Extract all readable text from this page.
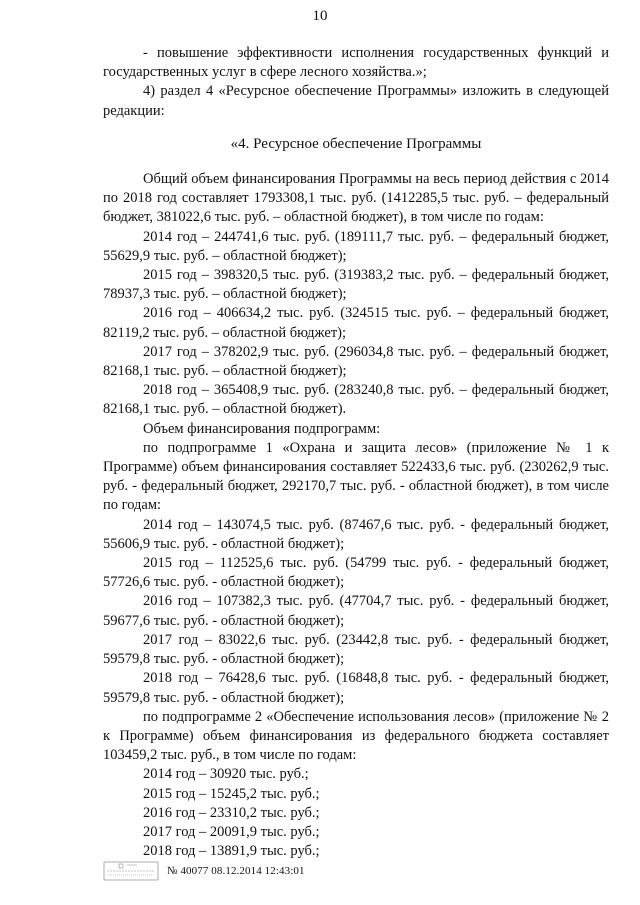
10

- повышение эффективности исполнения государственных функций и государственных услуг в сфере лесного хозяйства.»;

4) раздел 4 «Ресурсное обеспечение Программы» изложить в следующей редакции:

«4. Ресурсное обеспечение Программы

Общий объем финансирования Программы на весь период действия с 2014 по 2018 год составляет 1793308,1 тыс. руб. (1412285,5 тыс. руб. – федеральный бюджет, 381022,6 тыс. руб. – областной бюджет), в том числе по годам:

2014 год – 244741,6 тыс. руб. (189111,7 тыс. руб. – федеральный бюджет, 55629,9 тыс. руб. – областной бюджет);

2015 год – 398320,5 тыс. руб. (319383,2 тыс. руб. – федеральный бюджет, 78937,3 тыс. руб. – областной бюджет);

2016 год – 406634,2 тыс. руб. (324515 тыс. руб. – федеральный бюджет, 82119,2 тыс. руб. – областной бюджет);

2017 год – 378202,9 тыс. руб. (296034,8 тыс. руб. – федеральный бюджет, 82168,1 тыс. руб. – областной бюджет);

2018 год – 365408,9 тыс. руб. (283240,8 тыс. руб. – федеральный бюджет, 82168,1 тыс. руб. – областной бюджет).

Объем финансирования подпрограмм:

по подпрограмме 1 «Охрана и защита лесов» (приложение № 1 к Программе) объем финансирования составляет 522433,6 тыс. руб. (230262,9 тыс. руб. - федеральный бюджет, 292170,7 тыс. руб. - областной бюджет), в том числе по годам:

2014 год – 143074,5 тыс. руб. (87467,6 тыс. руб. - федеральный бюджет, 55606,9 тыс. руб. - областной бюджет);

2015 год – 112525,6 тыс. руб. (54799 тыс. руб. - федеральный бюджет, 57726,6 тыс. руб. - областной бюджет);

2016 год – 107382,3 тыс. руб. (47704,7 тыс. руб. - федеральный бюджет, 59677,6 тыс. руб. - областной бюджет);

2017 год – 83022,6 тыс. руб. (23442,8 тыс. руб. - федеральный бюджет, 59579,8 тыс. руб. - областной бюджет);

2018 год – 76428,6 тыс. руб. (16848,8 тыс. руб. - федеральный бюджет, 59579,8 тыс. руб. - областной бюджет);

по подпрограмме 2 «Обеспечение использования лесов» (приложение № 2 к Программе) объем финансирования из федерального бюджета составляет 103459,2 тыс. руб., в том числе по годам:

2014 год – 30920 тыс. руб.;

2015 год – 15245,2 тыс. руб.;

2016 год – 23310,2 тыс. руб.;

2017 год – 20091,9 тыс. руб.;

2018 год – 13891,9 тыс. руб.;

№ 40077 08.12.2014 12:43:01
